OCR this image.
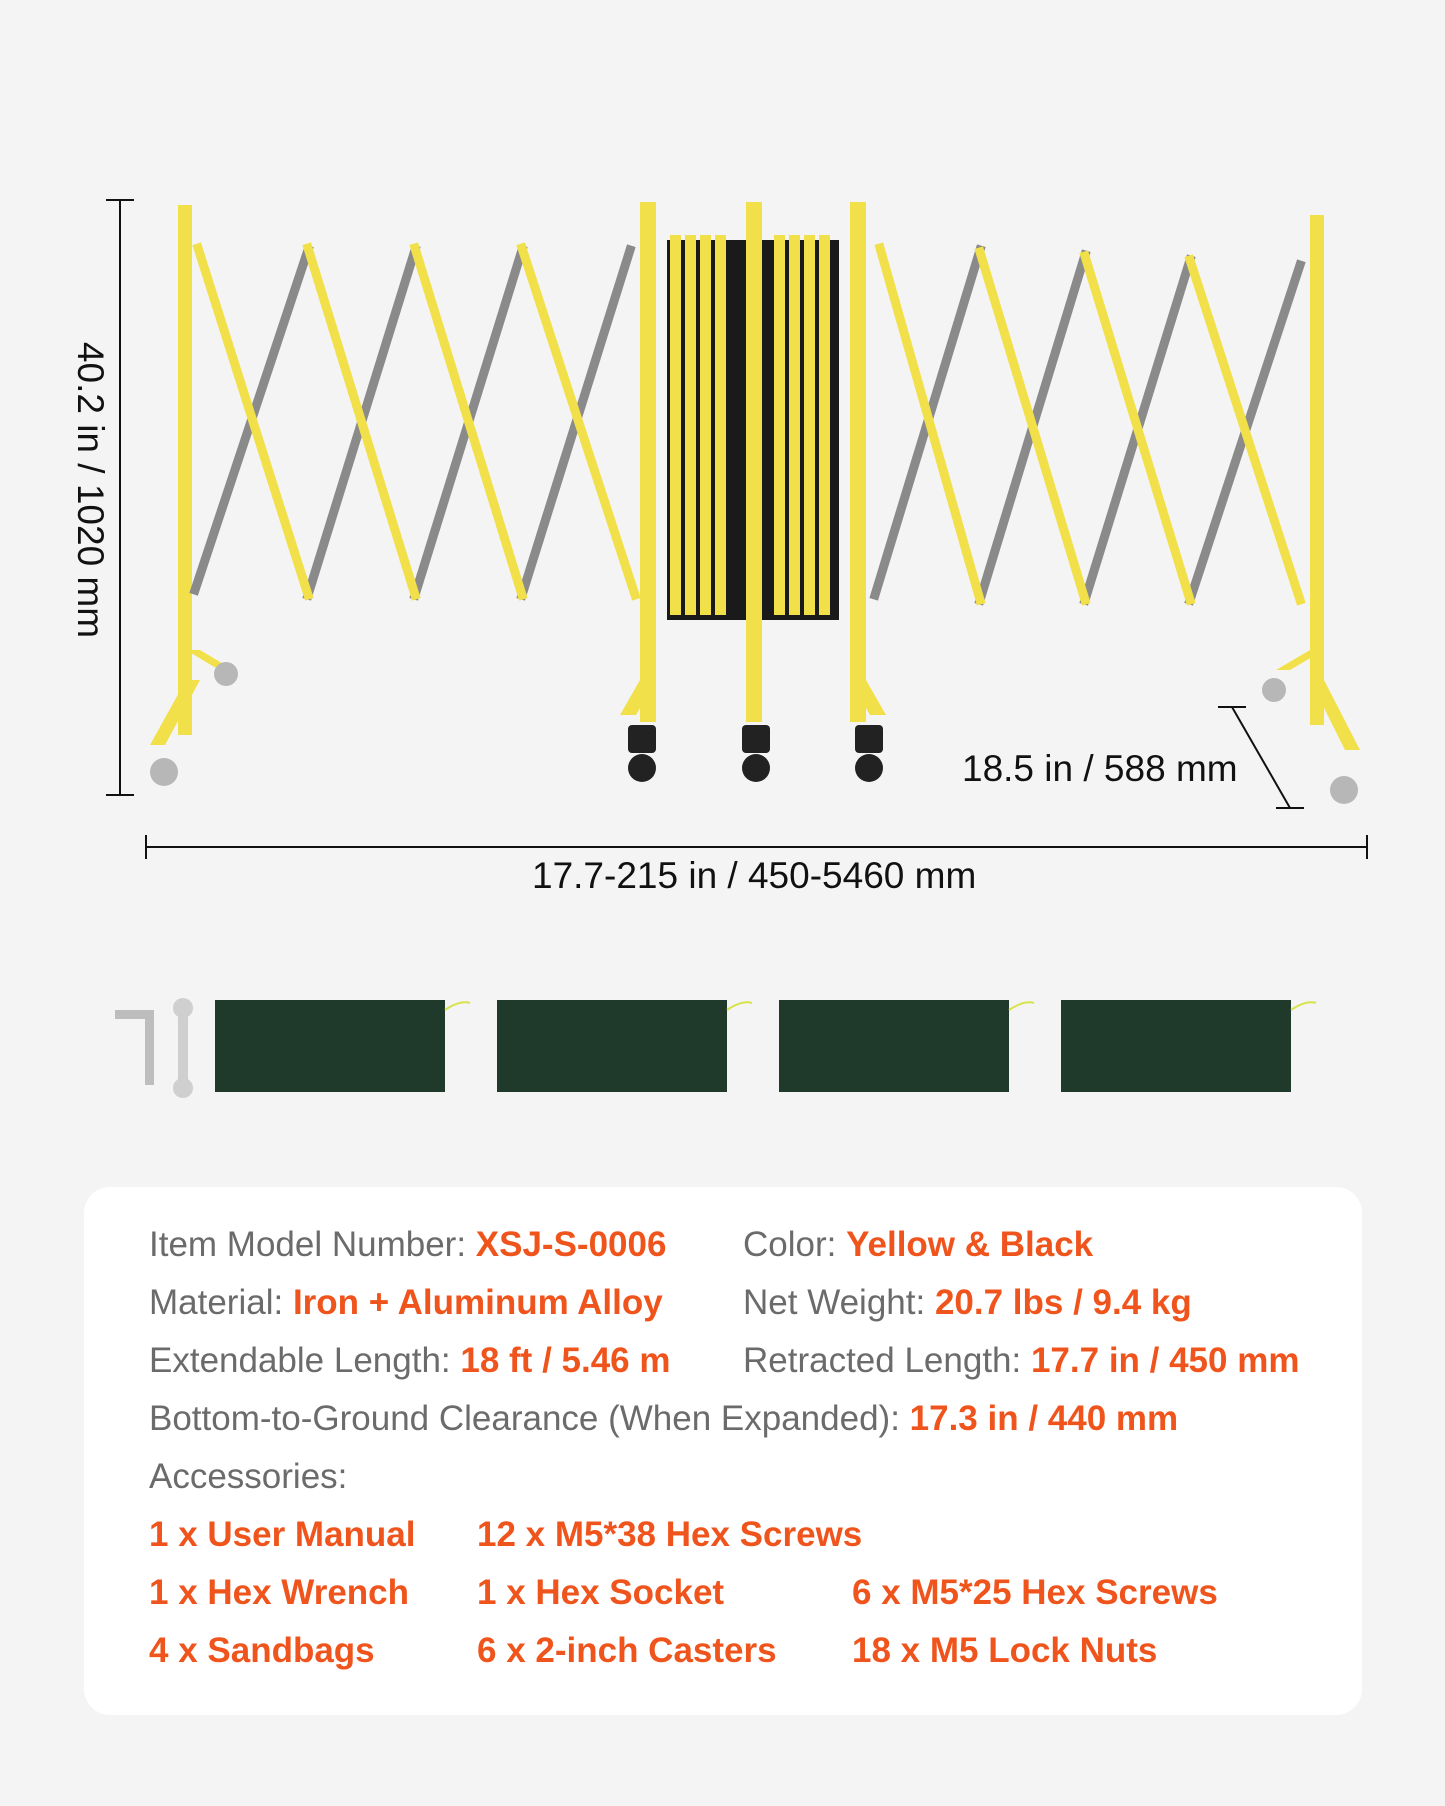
40.2 in / 1020 mm
17.7-215 in / 450-5460 mm
18.5 in / 588 mm
Item Model Number: XSJ-S-0006 Color: Yellow & Black
Material: Iron + Aluminum Alloy Net Weight: 20.7 lbs / 9.4 kg
Extendable Length: 18 ft / 5.46 m Retracted Length: 17.7 in / 450 mm
Bottom-to-Ground Clearance (When Expanded): 17.3 in / 440 mm
Accessories:
1 x User Manual 12 x M5*38 Hex Screws
1 x Hex Wrench 1 x Hex Socket	6 x M5*25 Hex Screws
4 x Sandbags	6 x 2-inch Casters 18 x M5 Lock Nuts
